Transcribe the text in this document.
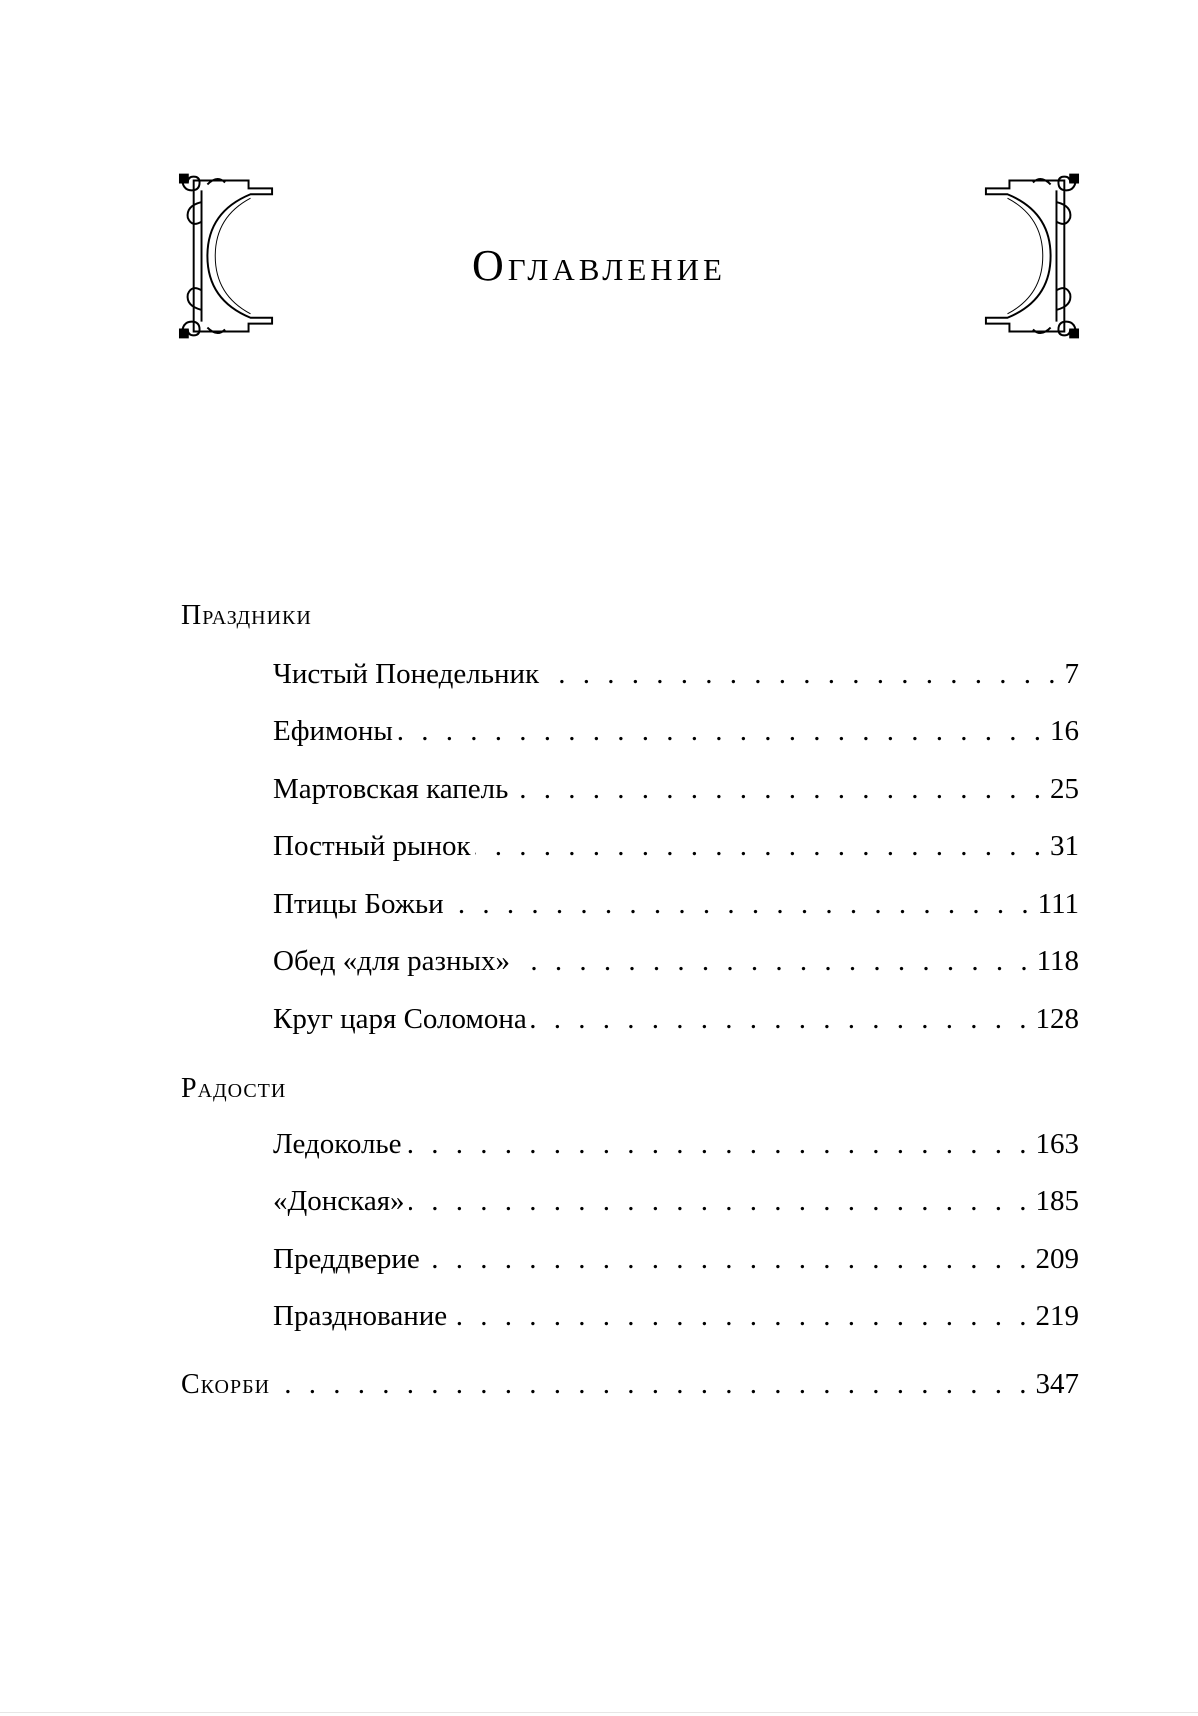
Оглавление
Праздники
Чистый Понедельник . . .	7
Ефимоны . . .	16
Мартовская капель . . .	25
Постный рынок . . .	31
Птицы Божьи . . .	111
Обед «для разных» . . .	118
Круг царя Соломона . . .	128
Радости
Ледоколье . . .	163
«Донская» . . .	185
Преддверие . . .	209
Празднование . . .	219
Скорби . . .	347
